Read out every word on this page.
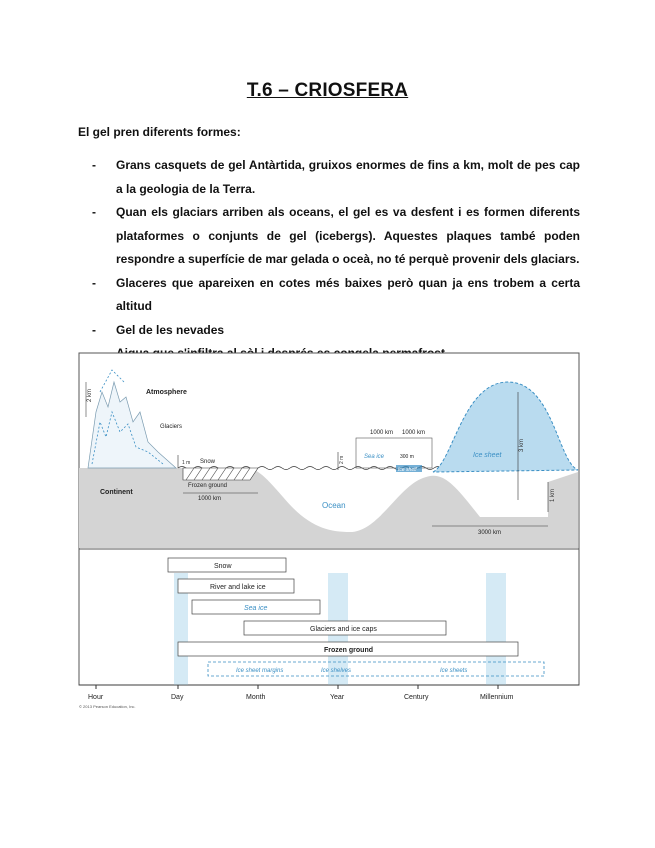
T.6 – CRIOSFERA
El gel pren diferents formes:
- Grans casquets de gel Antàrtida, gruixos enormes de fins a km, molt de pes cap a la geologia de la Terra.
- Quan els glaciars arriben als oceans, el gel es va desfent i es formen diferents plataformes o conjunts de gel (icebergs). Aquestes plaques també poden respondre a superfície de mar gelada o oceà, no té perquè provenir dels glaciars.
- Glaceres que apareixen en cotes més baixes però quan ja ens trobem a certa altitud
- Gel de les nevades
2 km	Atmosphere
Glaciers
Continent
1 m Snow
Frozen ground
1000 km
Ocean
2 m
1000 km 1000 km
Sea ice	300 m
Ice shelf
Ice sheet
3 km
1 km
3000 km
Snow
River and lake ice
Sea ice
Glaciers and ice caps
Frozen ground
Ice sheet margins	Ice shelves	Ice sheets
Hour	Day	Month	Year	Century	Millennium
© 2013 Pearson Education, Inc.
